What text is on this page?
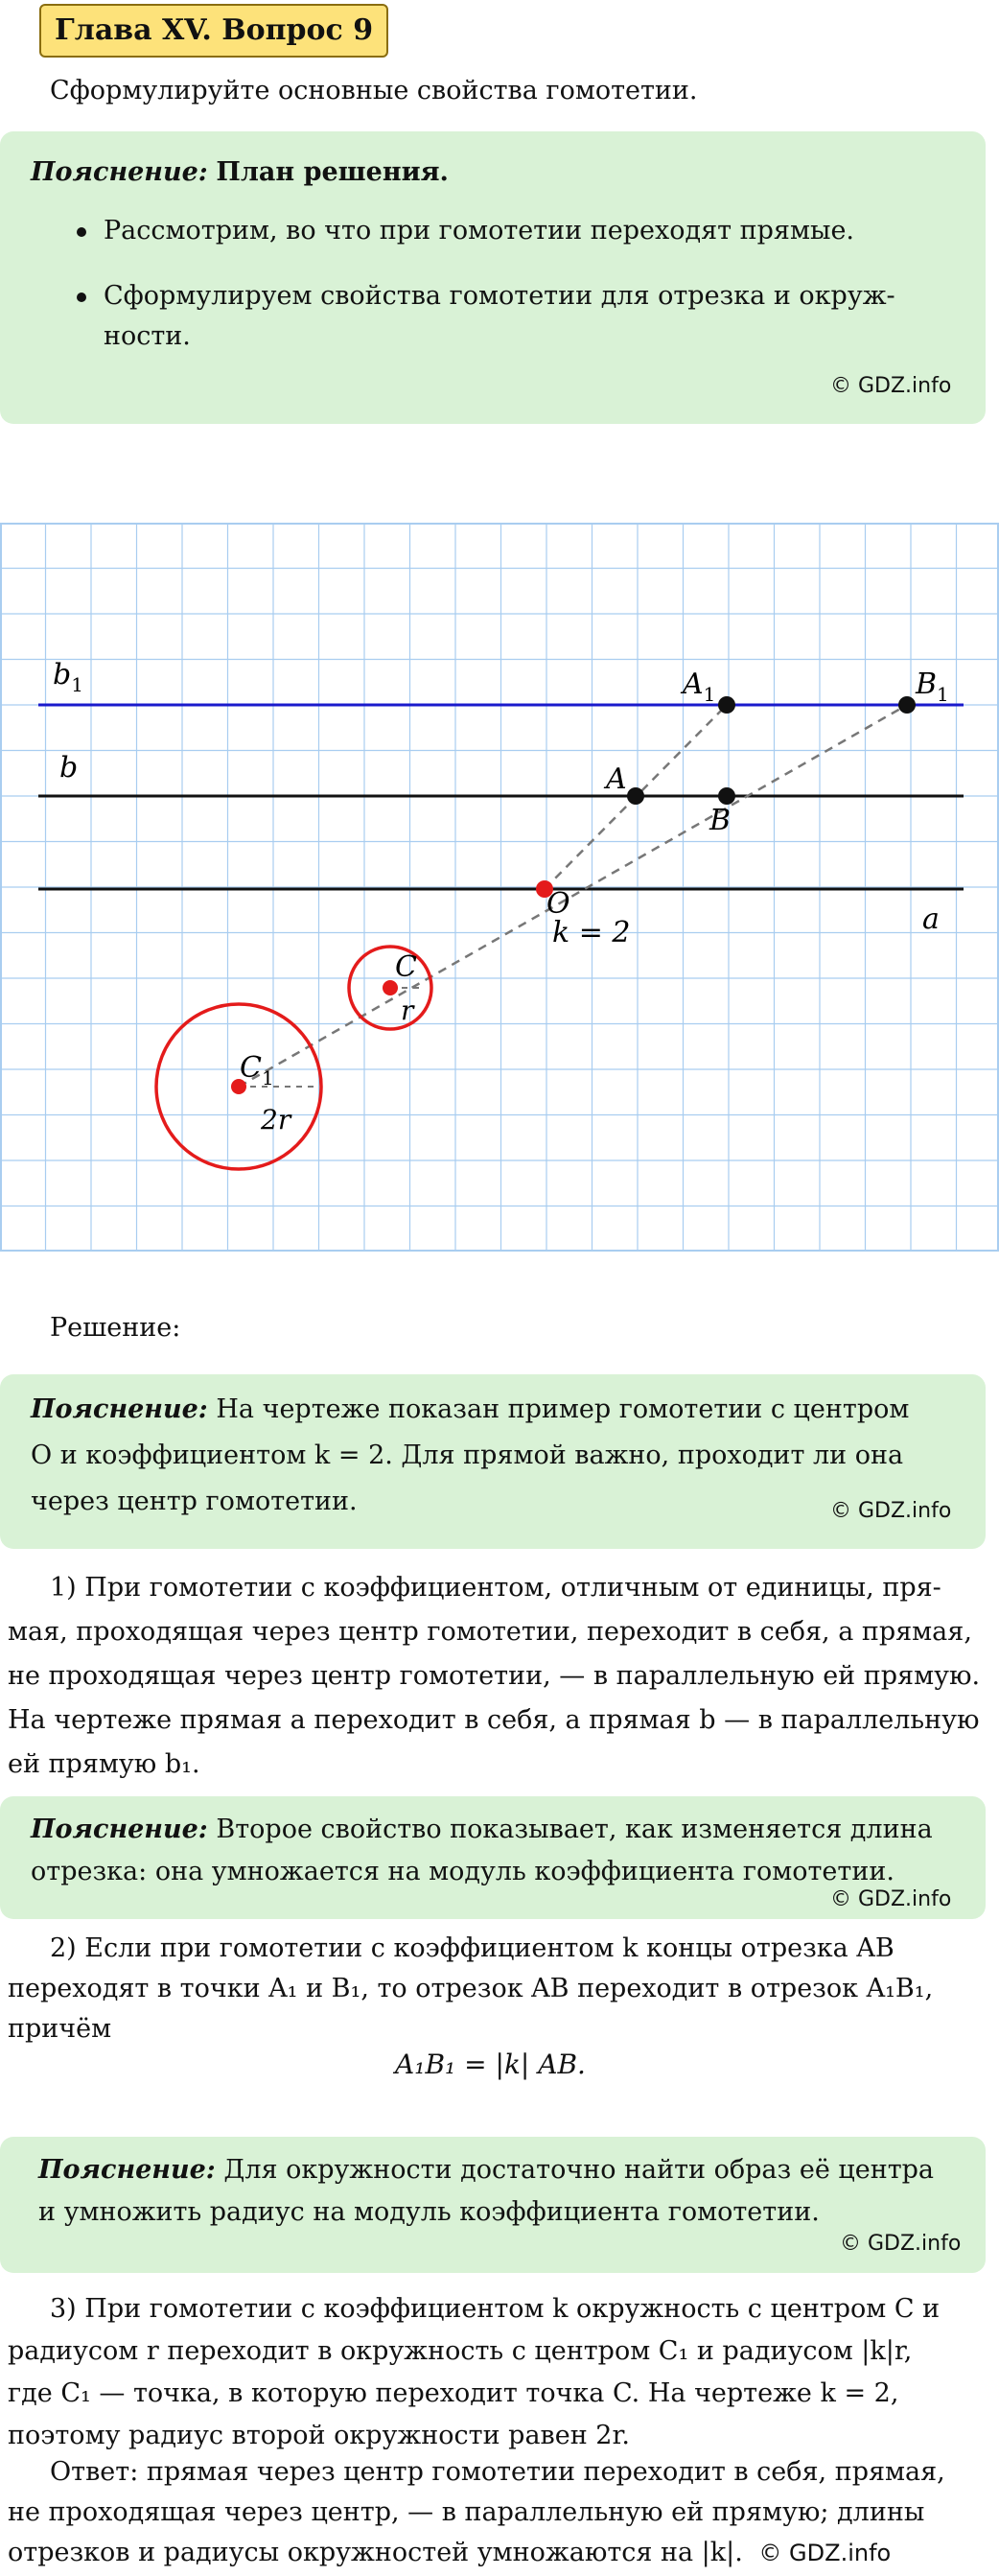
Глава XV. Вопрос 9
Сформулируйте основные свойства гомотетии.
Пояснение: План решения.
Рассмотрим, во что при гомотетии переходят прямые.
Сформулируем свойства гомотетии для отрезка и окруж-
ности.
© GDZ.info
$b_1$
b
$A_1$	$B_1$
A
B
O
k = 2	a
C
r
$C_1$
2r
Решение:
Пояснение: На чертеже показан пример гомотетии с центром
O и коэффициентом k = 2. Для прямой важно, проходит ли она
через центр гомотетии.	© GDZ.info
1) При гомотетии с коэффициентом, отличным от единицы, пря-
мая, проходящая через центр гомотетии, переходит в себя, а прямая,
не проходящая через центр гомотетии, — в параллельную ей прямую.
На чертеже прямая a переходит в себя, а прямая b — в параллельную
ей прямую b₁.
Пояснение: Второе свойство показывает, как изменяется длина
отрезка: она умножается на модуль коэффициента гомотетии.
© GDZ.info
2) Если при гомотетии с коэффициентом k концы отрезка AB
переходят в точки A₁ и B₁, то отрезок AB переходит в отрезок A₁B₁,
причём
A₁B₁ = |k| AB.
Пояснение: Для окружности достаточно найти образ её центра
и умножить радиус на модуль коэффициента гомотетии.
© GDZ.info
3) При гомотетии с коэффициентом k окружность с центром C и
радиусом r переходит в окружность с центром C₁ и радиусом |k|r,
где C₁ — точка, в которую переходит точка C. На чертеже k = 2,
поэтому радиус второй окружности равен 2r.
Ответ: прямая через центр гомотетии переходит в себя, прямая,
не проходящая через центр, — в параллельную ей прямую; длины
отрезков и радиусы окружностей умножаются на |k|. © GDZ.info
